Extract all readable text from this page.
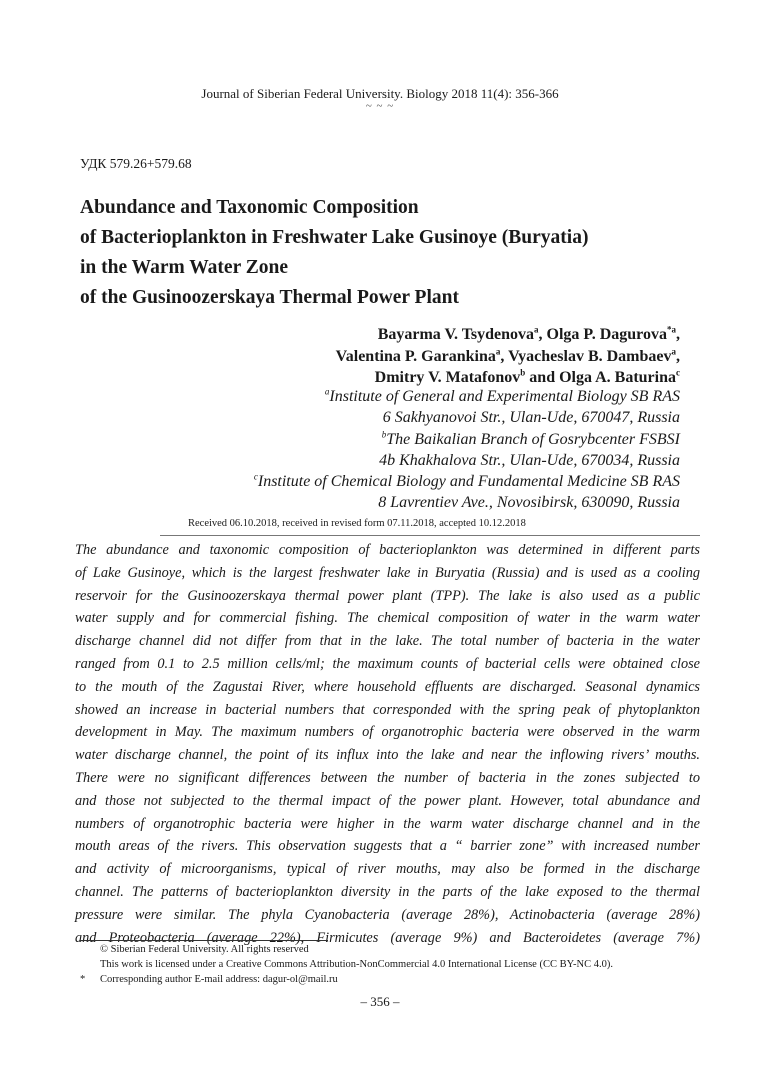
Journal of Siberian Federal University. Biology 2018 11(4): 356-366
~ ~ ~
УДК 579.26+579.68
Abundance and Taxonomic Composition
of Bacterioplankton in Freshwater Lake Gusinoye (Buryatia)
in the Warm Water Zone
of the Gusinoozerskaya Thermal Power Plant
Bayarma V. Tsydenova$^a$, Olga P. Dagurova$^{*a}$,
Valentina P. Garankina$^a$, Vyacheslav B. Dambaev$^a$,
Dmitry V. Matafonov$^b$ and Olga A. Baturina$^c$
$^a$Institute of General and Experimental Biology SB RAS
6 Sakhyanovoi Str., Ulan-Ude, 670047, Russia
$^b$The Baikalian Branch of Gosrybcenter FSBSI
4b Khakhalova Str., Ulan-Ude, 670034, Russia
$^c$Institute of Chemical Biology and Fundamental Medicine SB RAS
8 Lavrentiev Ave., Novosibirsk, 630090, Russia
Received 06.10.2018, received in revised form 07.11.2018, accepted 10.12.2018
The abundance and taxonomic composition of bacterioplankton was determined in different parts
of Lake Gusinoye, which is the largest freshwater lake in Buryatia (Russia) and is used as a cooling
reservoir for the Gusinoozerskaya thermal power plant (TPP). The lake is also used as a public
water supply and for commercial fishing. The chemical composition of water in the warm water
discharge channel did not differ from that in the lake. The total number of bacteria in the water
ranged from 0.1 to 2.5 million cells/ml; the maximum counts of bacterial cells were obtained close
to the mouth of the Zagustai River, where household effluents are discharged. Seasonal dynamics
showed an increase in bacterial numbers that corresponded with the spring peak of phytoplankton
development in May. The maximum numbers of organotrophic bacteria were observed in the warm
water discharge channel, the point of its influx into the lake and near the inflowing rivers’ mouths.
There were no significant differences between the number of bacteria in the zones subjected to
and those not subjected to the thermal impact of the power plant. However, total abundance and
numbers of organotrophic bacteria were higher in the warm water discharge channel and in the
mouth areas of the rivers. This observation suggests that a “ barrier zone” with increased number
and activity of microorganisms, typical of river mouths, may also be formed in the discharge
channel. The patterns of bacterioplankton diversity in the parts of the lake exposed to the thermal
pressure were similar. The phyla Cyanobacteria (average 28%), Actinobacteria (average 28%)
and Proteobacteria (average 22%), Firmicutes (average 9%) and Bacteroidetes (average 7%)
© Siberian Federal University. All rights reserved
This work is licensed under a Creative Commons Attribution-NonCommercial 4.0 International License (CC BY-NC 4.0).
* Corresponding author E-mail address: dagur-ol@mail.ru
– 356 –
